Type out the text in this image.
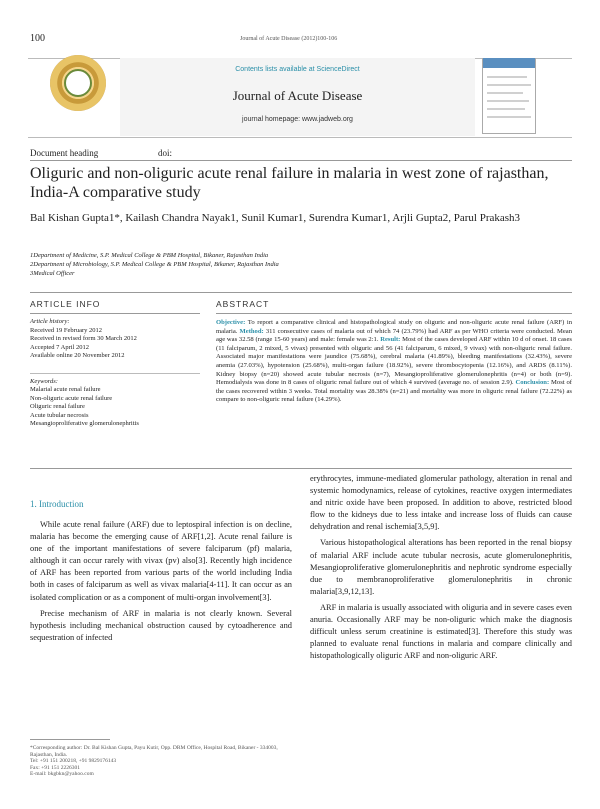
100	Journal of Acute Disease (2012)100-106
Contents lists available at ScienceDirect
Journal of Acute Disease
journal homepage: www.jadweb.org
Document heading	doi:
Oliguric and non-oliguric acute renal failure in malaria in west zone of rajasthan, India-A comparative study
Bal Kishan Gupta1*, Kailash Chandra Nayak1, Sunil Kumar1, Surendra Kumar1, Arjli Gupta2, Parul Prakash3
1Department of Medicine, S.P. Medical College & PBM Hospital, Bikaner, Rajasthan India
2Department of Microbiology, S.P. Medical College & PBM Hospital, Bikaner, Rajasthan India
3Medical Officer
ARTICLE INFO	ABSTRACT
Article history:
Received 19 February 2012
Received in revised form 30 March 2012
Accepted 7 April 2012
Available online 20 November 2012
Keywords:
Malarial acute renal failure
Non-oliguric acute renal failure
Oliguric renal failure
Acute tubular necrosis
Mesangioproliferative glomerulonephritis
Objective: To report a comparative clinical and histopathological study on oliguric and non-oliguric acute renal failure (ARF) in malaria. Method: 311 consecutive cases of malaria out of which 74 (23.79%) had ARF as per WHO criteria were conducted. Mean age was 32.58 (range 15-60 years) and male: female was 2:1. Result: Most of the cases developed ARF within 10 d of onset. 18 cases (11 falciparum, 2 mixed, 5 vivax) presented with oliguric and 56 (41 falciparum, 6 mixed, 9 vivax) with non-oliguric renal failure. Associated major manifestations were jaundice (75.68%), cerebral malaria (41.89%), bleeding manifestations (32.43%), severe anemia (27.03%), hypotension (25.68%), multi-organ failure (18.92%), severe thrombocytopenia (12.16%), and ARDS (8.11%). Kidney biopsy (n=20) showed acute tubular necrosis (n=7), Mesangioproliferative glomerulonephritis (n=4) or both (n=9). Hemodialysis was done in 8 cases of oliguric renal failure out of which 4 survived (average no. of session 2.9). Conclusion: Most of the cases recovered within 3 weeks. Total mortality was 28.38% (n=21) and mortality was more in oliguric renal failure (72.22%) as compare to non-oliguric renal failure (14.29%).
1. Introduction

While acute renal failure (ARF) due to leptospiral infection is on decline, malaria has become the emerging cause of ARF[1,2]. Acute renal failure is one of the important manifestations of severe falciparum (pf) malaria, although it can occur rarely with vivax (pv) also[3]. Recently high incidence of ARF has been reported from various parts of the world including India both in cases of falciparum as well as vivax malaria[4-11]. It can occur as an isolated complication or as a component of multi-organ involvement[3].

Precise mechanism of ARF in malaria is not clearly known. Several hypothesis including mechanical obstruction caused by cytoadherence and sequestration of infected

erythrocytes, immune-mediated glomerular pathology, alteration in renal and systemic homodynamics, release of cytokines, reactive oxygen intermediates and nitric oxide have been proposed. In addition to above, restricted blood flow to the kidneys due to less intake and increase loss of fluids can cause dehydration and renal ischemia[3,5,9].

Various histopathological alterations has been reported in the renal biopsy of malarial ARF include acute tubular necrosis, acute glomerulonephritis, Mesangioproliferative glomerulonephritis and nephrotic syndrome especially due to membranoproliferative glomerulonephritis in chronic malaria[3,9,12,13].

ARF in malaria is usually associated with oliguria and in severe cases even anuria. Occasionally ARF may be non-oliguric which make the diagnosis difficult unless serum creatinine is estimated[3]. Therefore this study was planned to evaluate renal functions in malaria and compare clinically and histopathologically oliguric ARF and non-oliguric ARF.

*Corresponding author: Dr. Bal Kishan Gupta, Payu Kutir, Opp. DRM Office, Hospital Road, Bikaner - 334003, Rajasthan, India.
Tel: +91 151 200218, +91 9829176143
Fax: +91 151 2226301
E-mail: bkgbkn@yahoo.com
